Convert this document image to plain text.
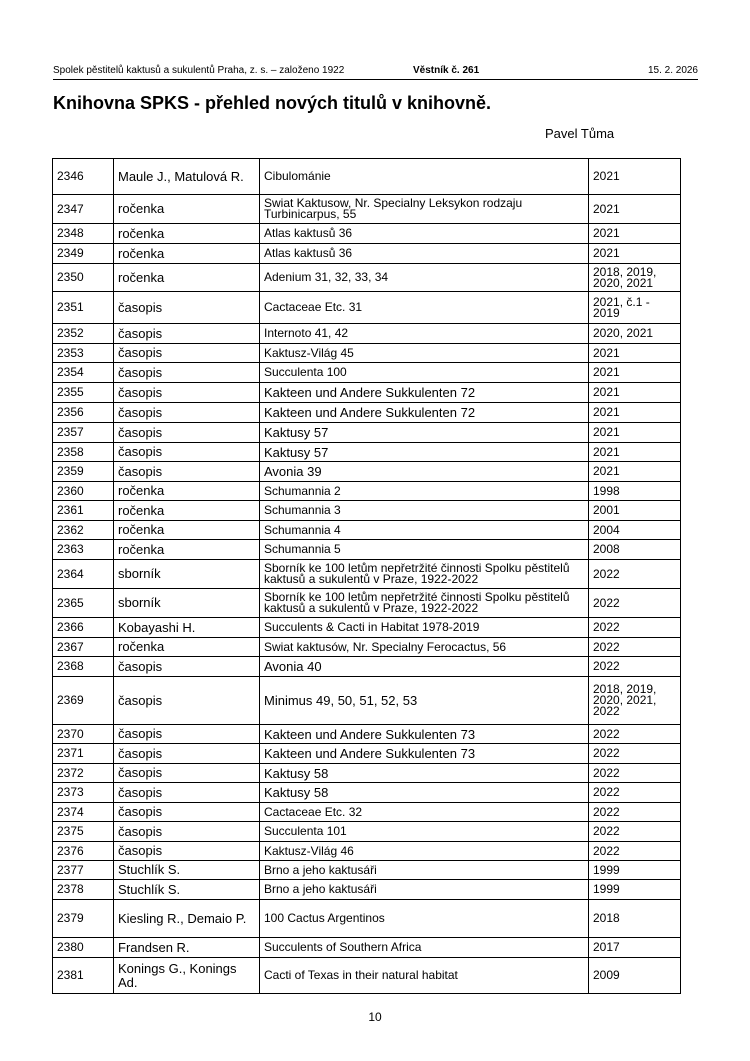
Spolek pěstitelů kaktusů a sukulentů Praha, z. s. – založeno 1922	Věstník č. 261	15. 2. 2026
Knihovna SPKS - přehled nových titulů v knihovně.
Pavel Tůma
2346	Maule J., Matulová R.	Cibulománie	2021
2347	ročenka	Swiat Kaktusow, Nr. Specialny Leksykon rodzaju Turbinicarpus, 55	2021
2348	ročenka	Atlas kaktusů 36	2021
2349	ročenka	Atlas kaktusů 36	2021
2350	ročenka	Adenium 31, 32, 33, 34	2018, 2019, 2020, 2021
2351	časopis	Cactaceae Etc. 31	2021, č.1 - 2019
2352	časopis	Internoto 41, 42	2020, 2021
2353	časopis	Kaktusz-Világ 45	2021
2354	časopis	Succulenta 100	2021
2355	časopis	Kakteen und Andere Sukkulenten 72	2021
2356	časopis	Kakteen und Andere Sukkulenten 72	2021
2357	časopis	Kaktusy 57	2021
2358	časopis	Kaktusy 57	2021
2359	časopis	Avonia 39	2021
2360	ročenka	Schumannia 2	1998
2361	ročenka	Schumannia 3	2001
2362	ročenka	Schumannia 4	2004
2363	ročenka	Schumannia 5	2008
2364	sborník	Sborník ke 100 letům nepřetržité činnosti Spolku pěstitelů kaktusů a sukulentů v Praze, 1922-2022	2022
2365	sborník	Sborník ke 100 letům nepřetržité činnosti Spolku pěstitelů kaktusů a sukulentů v Praze, 1922-2022	2022
2366	Kobayashi H.	Succulents & Cacti in Habitat 1978-2019	2022
2367	ročenka	Swiat kaktusów, Nr. Specialny Ferocactus, 56	2022
2368	časopis	Avonia 40	2022
2369	časopis	Minimus 49, 50, 51, 52, 53	2018, 2019, 2020, 2021, 2022
2370	časopis	Kakteen und Andere Sukkulenten 73	2022
2371	časopis	Kakteen und Andere Sukkulenten 73	2022
2372	časopis	Kaktusy 58	2022
2373	časopis	Kaktusy 58	2022
2374	časopis	Cactaceae Etc. 32	2022
2375	časopis	Succulenta 101	2022
2376	časopis	Kaktusz-Világ 46	2022
2377	Stuchlík S.	Brno a jeho kaktusáři	1999
2378	Stuchlík S.	Brno a jeho kaktusáři	1999
2379	Kiesling R., Demaio P.	100 Cactus Argentinos	2018
2380	Frandsen R.	Succulents of Southern Africa	2017
2381	Konings G., Konings Ad.	Cacti of Texas in their natural habitat	2009
10
